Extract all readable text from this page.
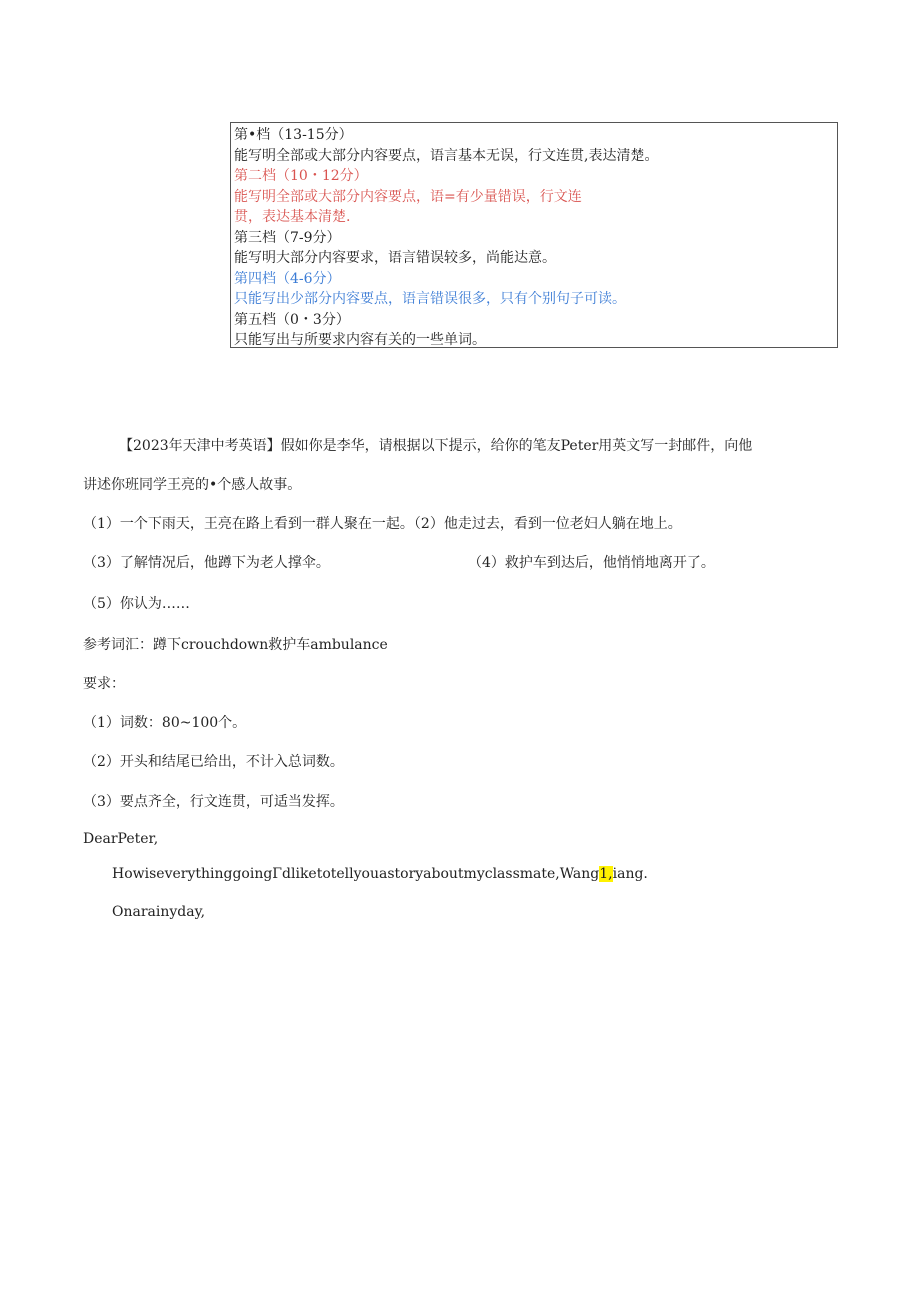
第•档（13-15分）
能写明全部或大部分内容要点，语言基本无误，行文连贯,表达清楚。
第二档（10・12分）
能写明全部或大部分内容要点，语=有少量错误，行文连
贯，表达基本清楚.
第三档（7-9分）
能写明大部分内容要求，语言错误较多，尚能达意。
第四档（4-6分）
只能写出少部分内容要点，语言错误很多，只有个别句子可读。
第五档（0・3分）
只能写出与所要求内容有关的一些单词。
【2023年天津中考英语】假如你是李华，请根据以下提示，给你的笔友Peter用英文写一封邮件，向他
讲述你班同学王亮的•个感人故事。
（1）一个下雨天，王亮在路上看到一群人聚在一起。（2）他走过去，看到一位老妇人躺在地上。
（3）了解情况后，他蹲下为老人撑伞。	（4）救护车到达后，他悄悄地离开了。
（5）你认为……
参考词汇：蹲下crouchdown救护车ambulance
要求：
（1）词数：80~100个。
（2）开头和结尾已给出，不计入总词数。
（3）要点齐全，行文连贯，可适当发挥。
DearPeter,
HowiseverythinggoingΓdliketotellyouastoryaboutmyclassmate,Wang1,iang.
Onarainyday,
